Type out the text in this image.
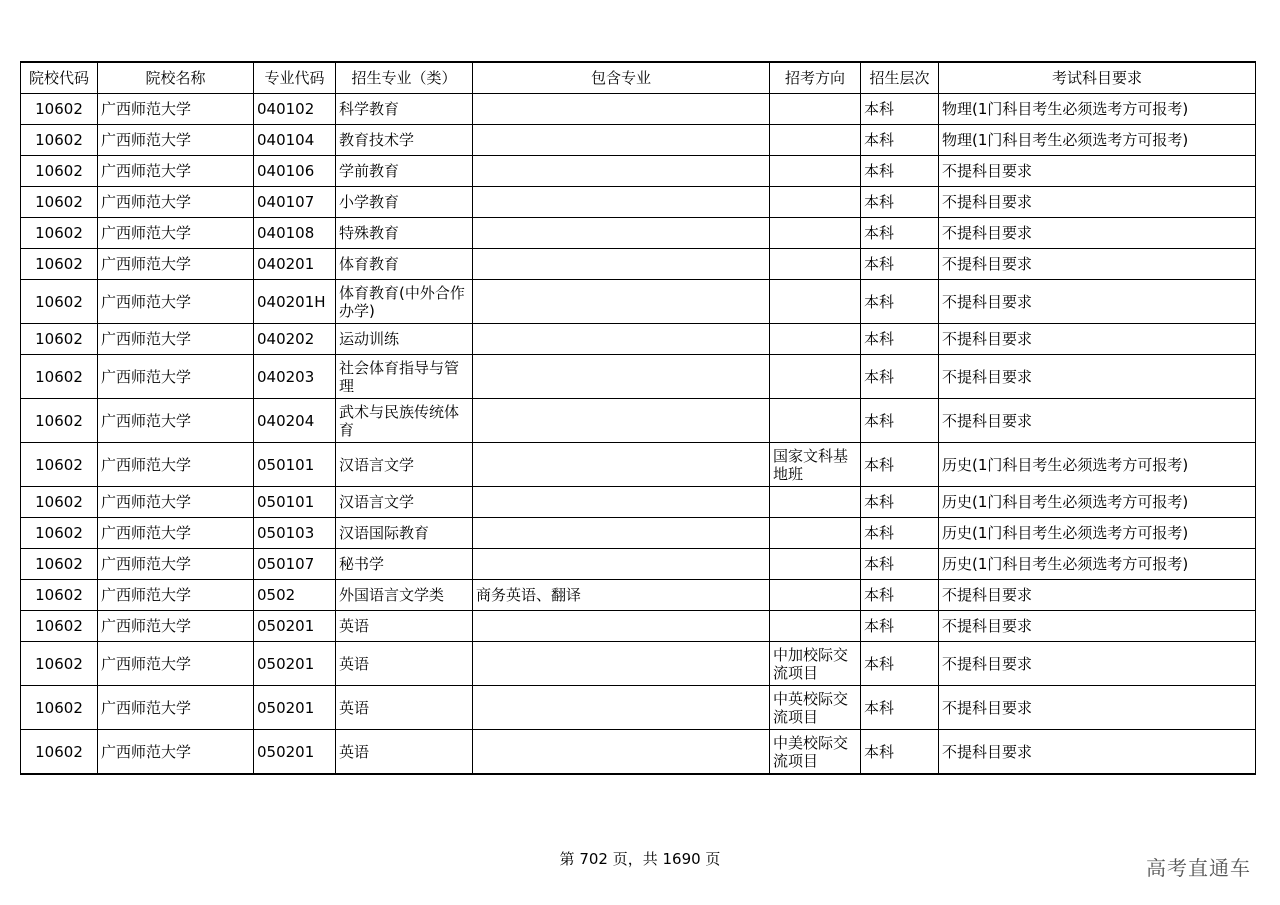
院校代码	院校名称	专业代码	招生专业（类）	包含专业	招考方向	招生层次	考试科目要求
10602	广西师范大学	040102	科学教育			本科	物理(1门科目考生必须选考方可报考)
10602	广西师范大学	040104	教育技术学			本科	物理(1门科目考生必须选考方可报考)
10602	广西师范大学	040106	学前教育			本科	不提科目要求
10602	广西师范大学	040107	小学教育			本科	不提科目要求
10602	广西师范大学	040108	特殊教育			本科	不提科目要求
10602	广西师范大学	040201	体育教育			本科	不提科目要求
10602	广西师范大学	040201H	体育教育(中外合作办学)			本科	不提科目要求
10602	广西师范大学	040202	运动训练			本科	不提科目要求
10602	广西师范大学	040203	社会体育指导与管理			本科	不提科目要求
10602	广西师范大学	040204	武术与民族传统体育			本科	不提科目要求
10602	广西师范大学	050101	汉语言文学		国家文科基地班	本科	历史(1门科目考生必须选考方可报考)
10602	广西师范大学	050101	汉语言文学			本科	历史(1门科目考生必须选考方可报考)
10602	广西师范大学	050103	汉语国际教育			本科	历史(1门科目考生必须选考方可报考)
10602	广西师范大学	050107	秘书学			本科	历史(1门科目考生必须选考方可报考)
10602	广西师范大学	0502	外国语言文学类	商务英语、翻译		本科	不提科目要求
10602	广西师范大学	050201	英语			本科	不提科目要求
10602	广西师范大学	050201	英语		中加校际交流项目	本科	不提科目要求
10602	广西师范大学	050201	英语		中英校际交流项目	本科	不提科目要求
10602	广西师范大学	050201	英语		中美校际交流项目	本科	不提科目要求
第 702 页，共 1690 页	高考直通车
